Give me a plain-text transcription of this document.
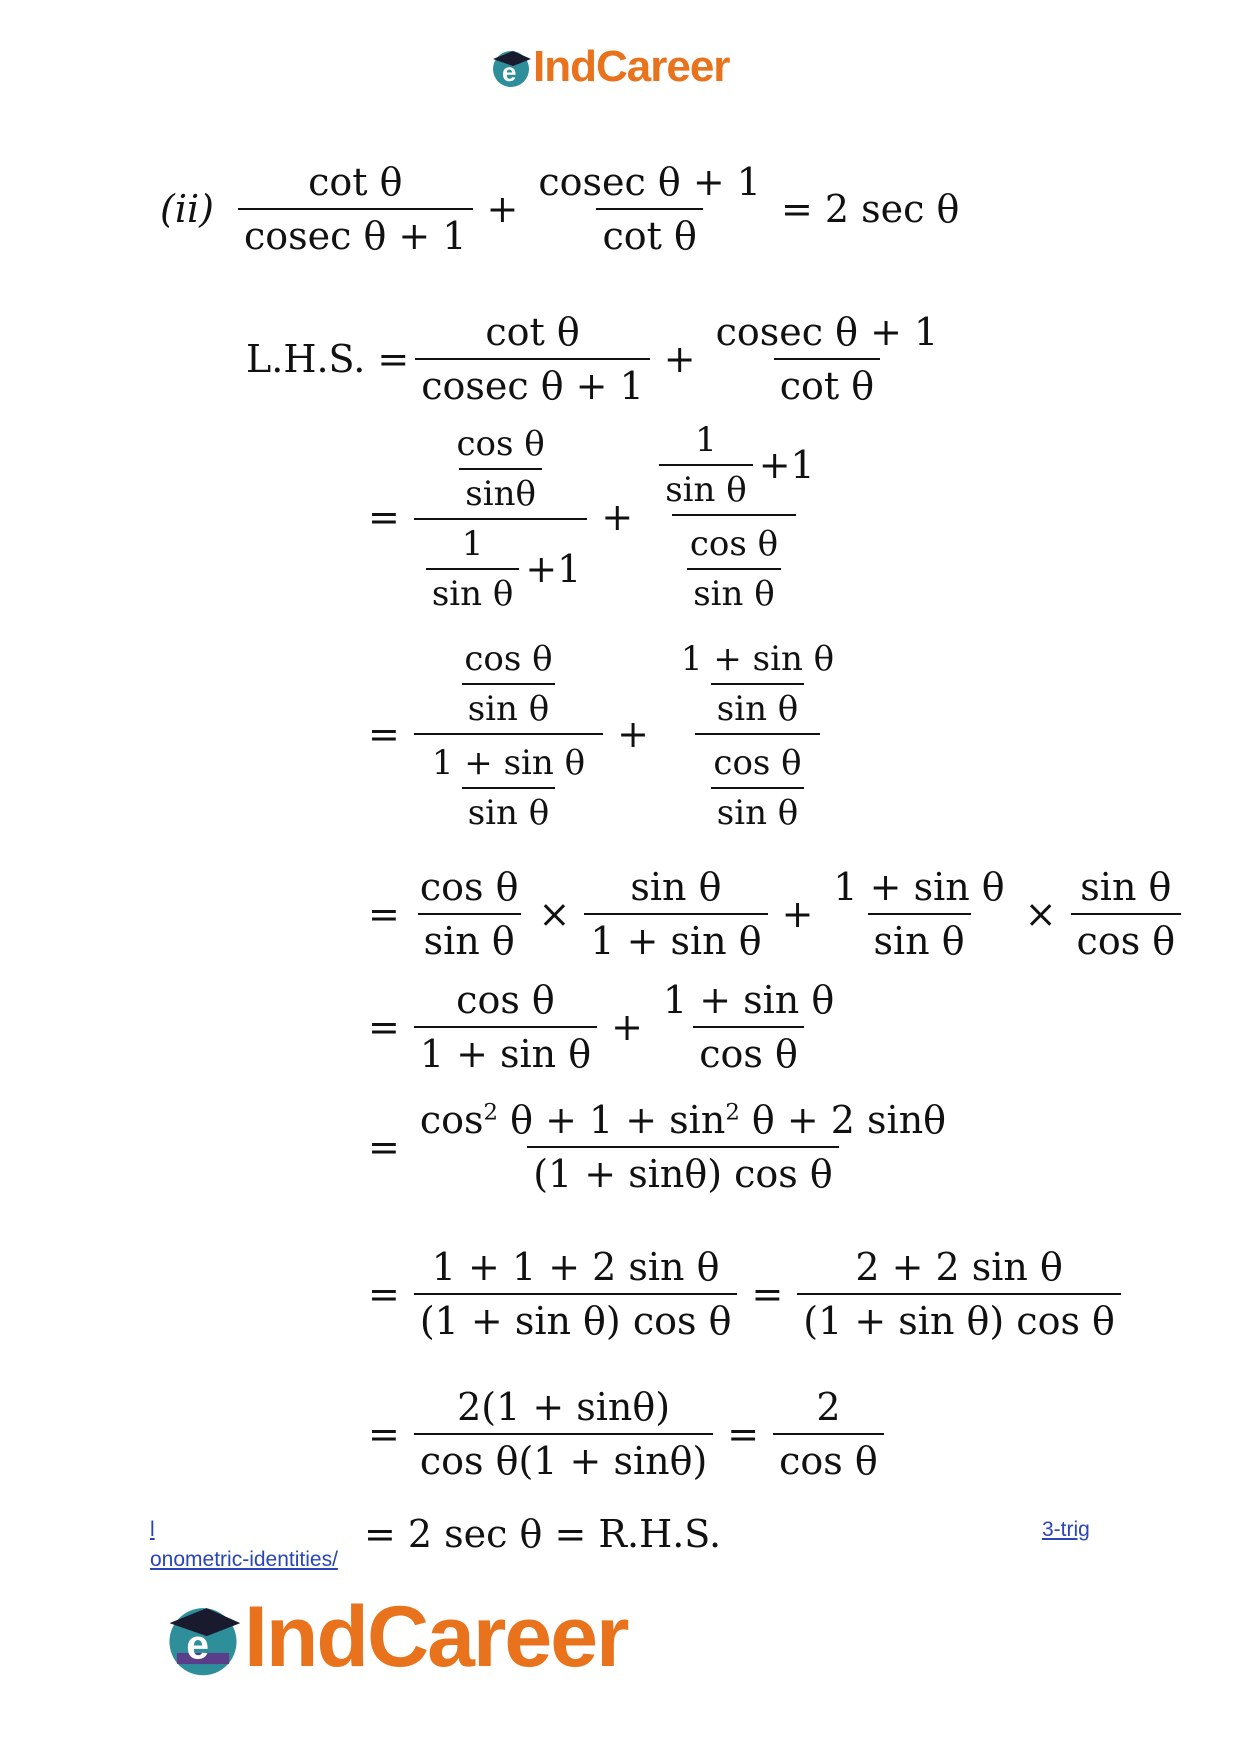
e IndCareer
$(ii) \frac{\text{cot θ}}{\text{cosec θ + 1}} + \frac{\text{cosec θ + 1}}{\text{cot θ}} = 2$ sec θ
L.H.S. = $\frac{\text{cot θ}}{\text{cosec θ + 1}} + \frac{\text{cosec θ + 1}}{\text{cot θ}}$
= $\frac{\frac{\text{cos θ}}{\sin\theta}}{\frac{1}{\text{sin θ}} +1} + \frac{\frac{1}{\text{sin θ}} +1}{\frac{\text{cos θ}}{\text{sin θ}}}$
= $\frac{\frac{\text{cos θ}}{\text{sin θ}}}{\frac{\text{1 + sin θ}}{\text{sin θ}}} + \frac{\frac{\text{1 + sin θ}}{\text{sin θ}}}{\frac{\text{cos θ}}{\text{sin θ}}}$
= $\frac{\text{cos θ}}{\text{sin θ}} \times \frac{\text{sin θ}}{\text{1 + sin θ}} + \frac{\text{1 + sin θ}}{\text{sin θ}} \times \frac{\text{sin θ}}{\text{cos θ}}$
= $\frac{\text{cos θ}}{\text{1 + sin θ}} + \frac{\text{1 + sin θ}}{\text{cos θ}}$
= $\frac{\cos^2 \theta + 1 + \sin^2 \theta + 2 \sin\theta}{\text{(1 + sinθ) cos θ}}$
= $\frac{\text{1 + 1 + 2 sin θ}}{\text{(1 + sin θ) cos θ}} = \frac{\text{2 + 2 sin θ}}{\text{(1 + sin θ) cos θ}}$
= $\frac{2(1 + \sin\theta)}{\text{cos θ(1 + sinθ)}} = \frac{2}{\text{cos θ}}$
= 2 sec θ = R.H.S.
l
onometric-identities/
3-trig
e IndCareer
